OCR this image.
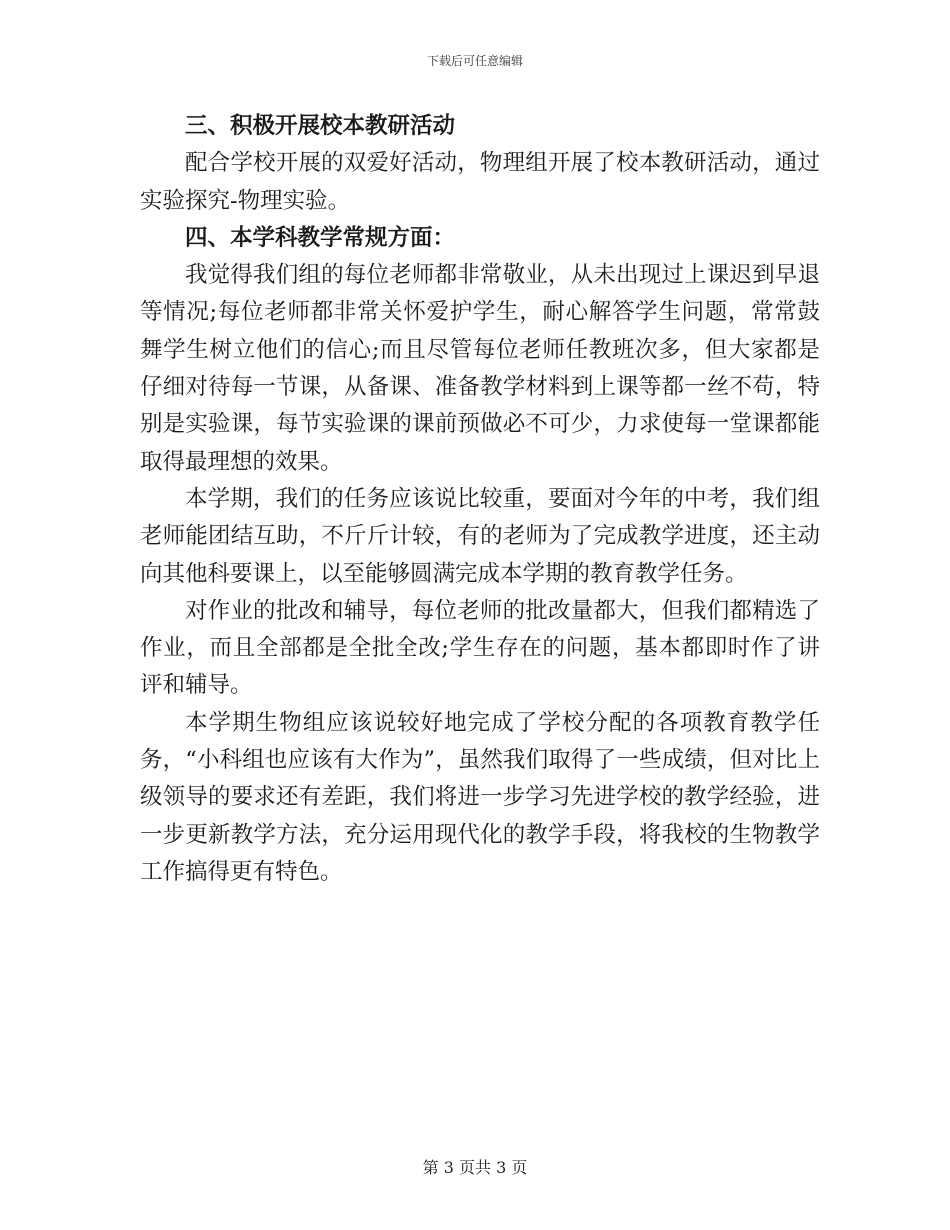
下载后可任意编辑

三、积极开展校本教研活动

配合学校开展的双爱好活动，物理组开展了校本教研活动，通过实验探究-物理实验。

四、本学科教学常规方面：

我觉得我们组的每位老师都非常敬业，从未出现过上课迟到早退等情况;每位老师都非常关怀爱护学生，耐心解答学生问题，常常鼓舞学生树立他们的信心;而且尽管每位老师任教班次多，但大家都是仔细对待每一节课，从备课、准备教学材料到上课等都一丝不苟，特别是实验课，每节实验课的课前预做必不可少，力求使每一堂课都能取得最理想的效果。

本学期，我们的任务应该说比较重，要面对今年的中考，我们组老师能团结互助，不斤斤计较，有的老师为了完成教学进度，还主动向其他科要课上，以至能够圆满完成本学期的教育教学任务。

对作业的批改和辅导，每位老师的批改量都大，但我们都精选了作业，而且全部都是全批全改;学生存在的问题，基本都即时作了讲评和辅导。

本学期生物组应该说较好地完成了学校分配的各项教育教学任务，“小科组也应该有大作为”，虽然我们取得了一些成绩，但对比上级领导的要求还有差距，我们将进一步学习先进学校的教学经验，进一步更新教学方法，充分运用现代化的教学手段，将我校的生物教学工作搞得更有特色。

第 3 页共 3 页
